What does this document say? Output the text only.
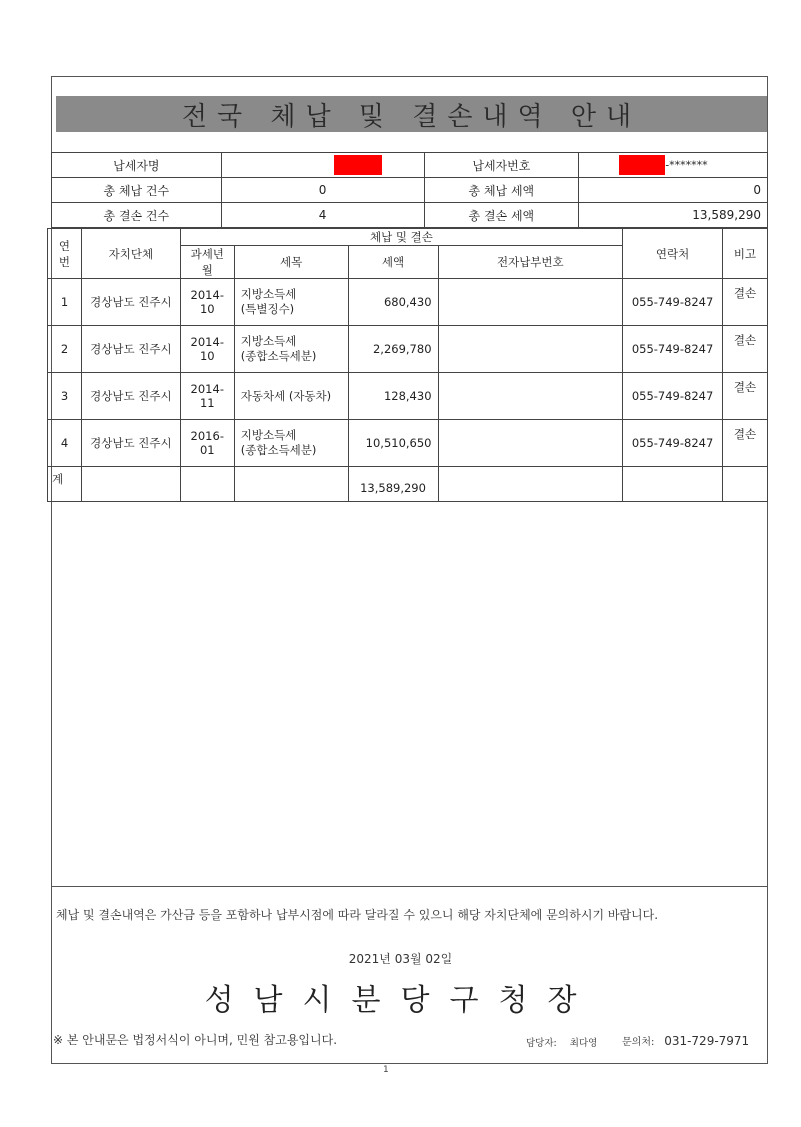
전국 체납 및 결손내역 안내
납세자명		납세자번호	-*******
총 체납 건수	0	총 체납 세액	0
총 결손 건수	4	총 결손 세액	13,589,290
연번	자치단체	체납 및 결손				연락처	비고
		과세년월	세목	세액	전자납부번호		
1	경상남도 진주시	2014-10	지방소득세
(특별징수)	680,430		055-749-8247	결손
2	경상남도 진주시	2014-10	지방소득세
(종합소득세분)	2,269,780		055-749-8247	결손
3	경상남도 진주시	2014-11	자동차세 (자동차)	128,430		055-749-8247	결손
4	경상남도 진주시	2016-01	지방소득세
(종합소득세분)	10,510,650		055-749-8247	결손
계				13,589,290			
체납 및 결손내역은 가산금 등을 포함하나 납부시점에 따라 달라질 수 있으니 해당 자치단체에 문의하시기 바랍니다.
2021년 03월 02일
성남시분당구청장
※ 본 안내문은 법정서식이 아니며, 민원 참고용입니다.	담당자: 최다영 문의처: 031-729-7971
1
